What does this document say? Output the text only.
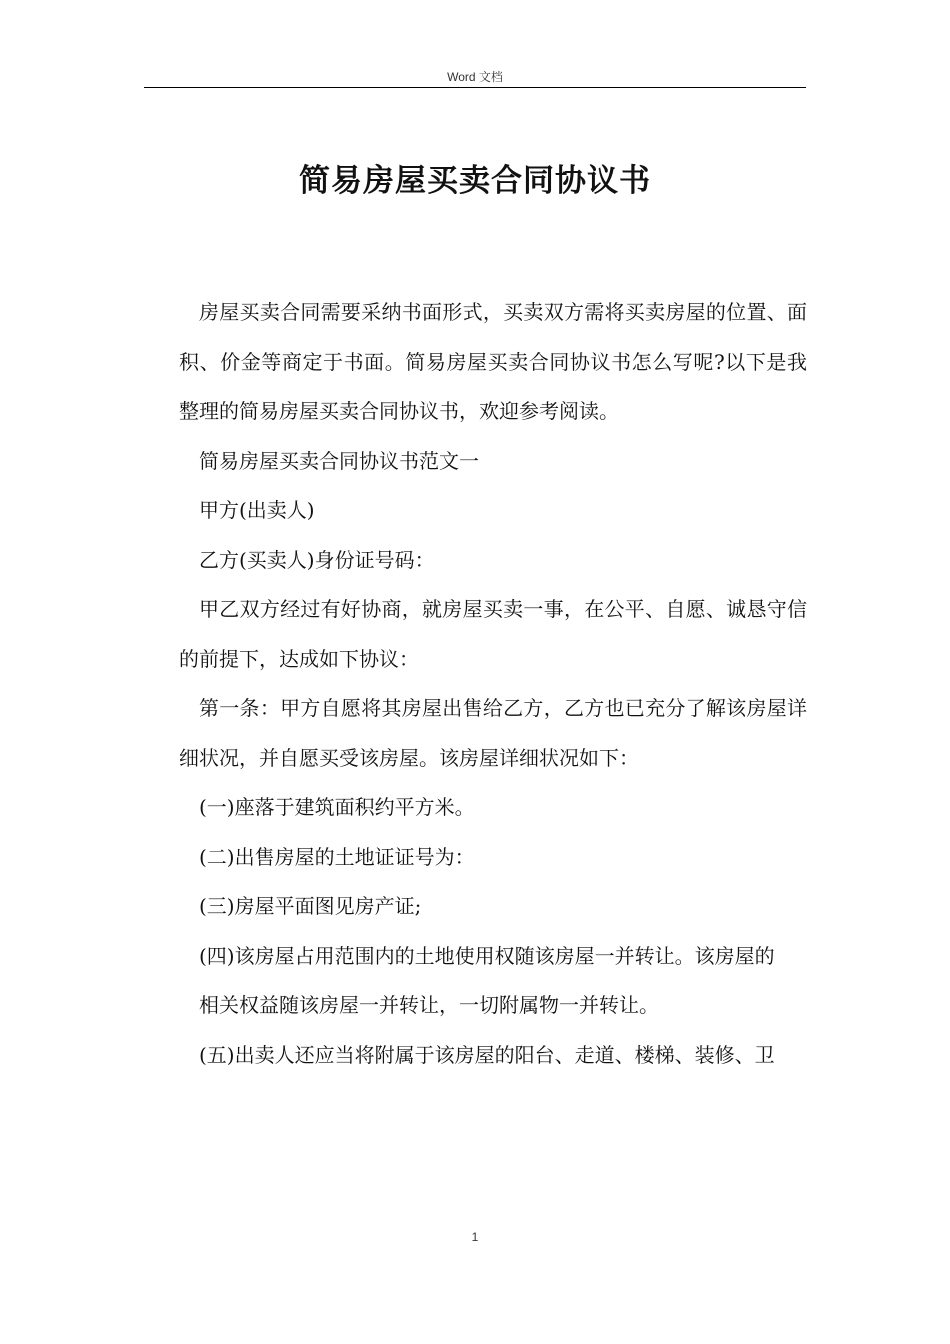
Word 文档
简易房屋买卖合同协议书

房屋买卖合同需要采纳书面形式，买卖双方需将买卖房屋的位置、面积、价金等商定于书面。简易房屋买卖合同协议书怎么写呢?以下是我整理的简易房屋买卖合同协议书，欢迎参考阅读。

简易房屋买卖合同协议书范文一

甲方(出卖人)

乙方(买卖人)身份证号码：

甲乙双方经过有好协商，就房屋买卖一事，在公平、自愿、诚恳守信的前提下，达成如下协议：

第一条：甲方自愿将其房屋出售给乙方，乙方也已充分了解该房屋详细状况，并自愿买受该房屋。该房屋详细状况如下：

(一)座落于建筑面积约平方米。

(二)出售房屋的土地证证号为：

(三)房屋平面图见房产证;

(四)该房屋占用范围内的土地使用权随该房屋一并转让。该房屋的

相关权益随该房屋一并转让，一切附属物一并转让。

(五)出卖人还应当将附属于该房屋的阳台、走道、楼梯、装修、卫

1
